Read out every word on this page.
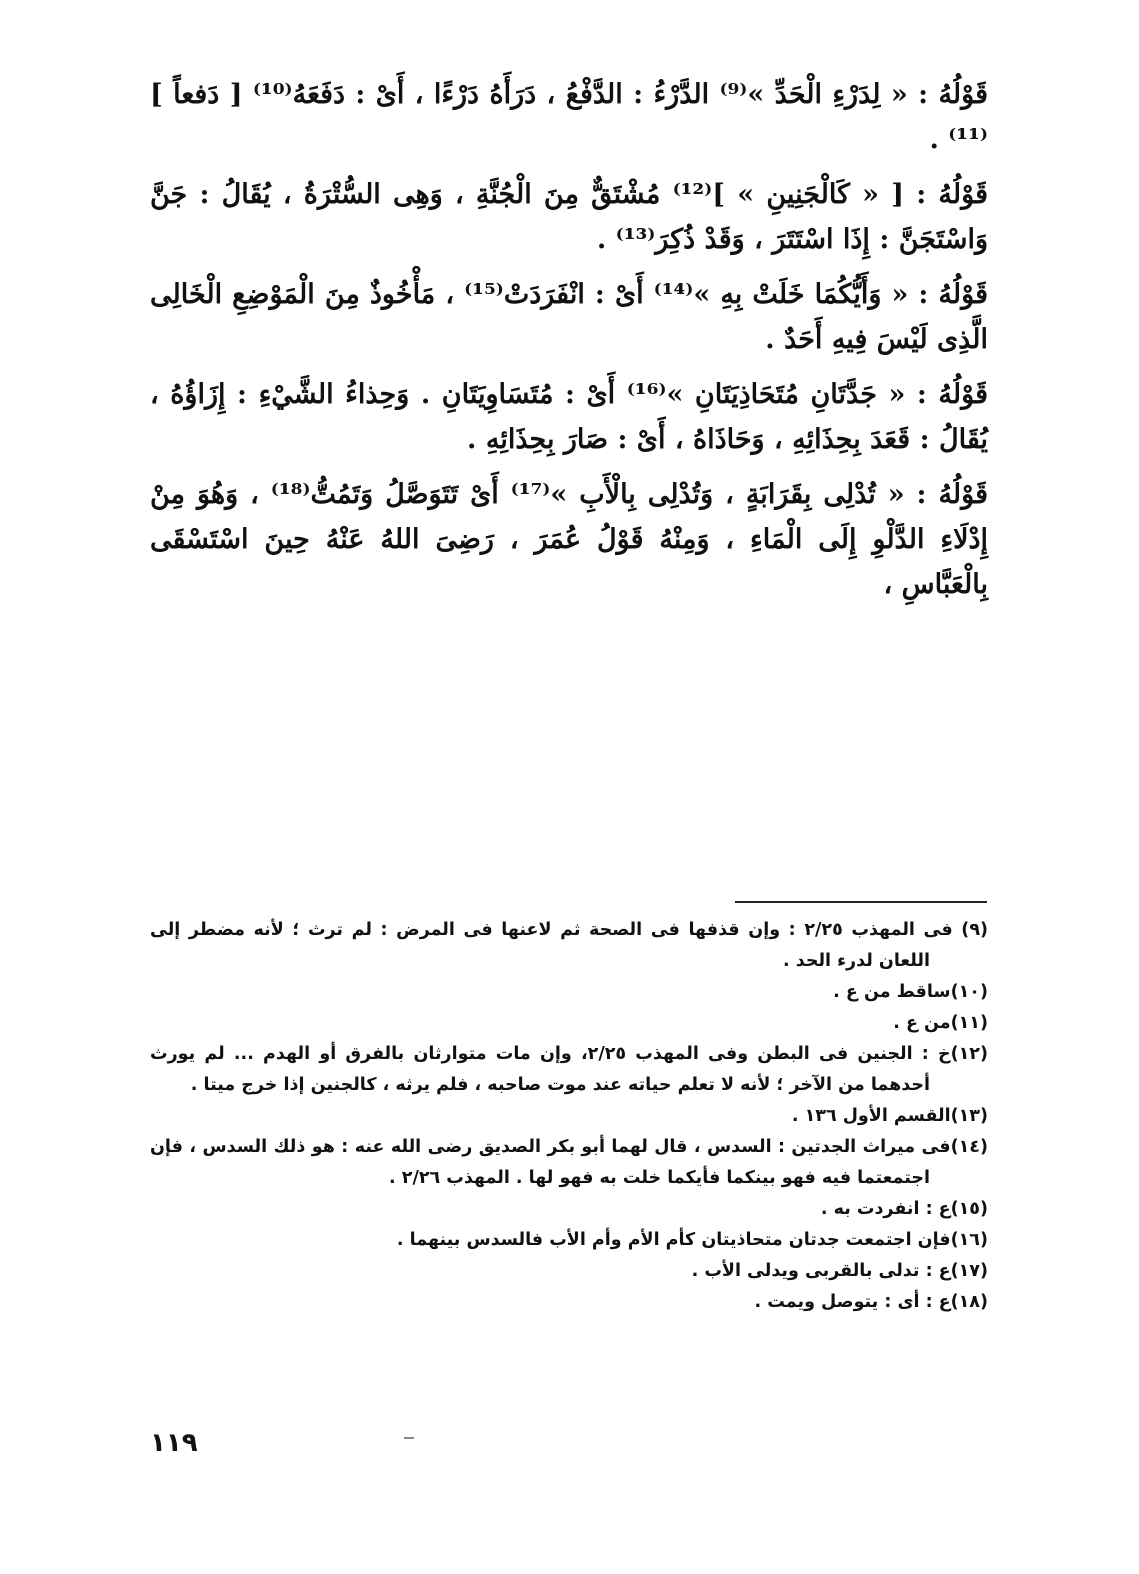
قَوْلُهُ : « لِدَرْءِ الْحَدِّ »⁽⁹⁾ الدَّرْءُ : الدَّفْعُ ، دَرَأَهُ دَرْءًا ، أَىْ : دَفَعَهُ⁽¹⁰⁾ [ دَفعاً ]⁽¹¹⁾ .

قَوْلُهُ : [ « كَالْجَنِينِ » ]⁽¹²⁾ مُشْتَقٌّ مِنَ الْجُنَّةِ ، وَهِى السُّتْرَةُ ، يُقَالُ : جَنَّ وَاسْتَجَنَّ : إِذَا اسْتَتَرَ ، وَقَدْ ذُكِرَ⁽¹³⁾ .

قَوْلُهُ : « وَأَيُّكُمَا خَلَتْ بِهِ »⁽¹⁴⁾ أَىْ : انْفَرَدَتْ⁽¹⁵⁾ ، مَأْخُوذٌ مِنَ الْمَوْضِعِ الْخَالِى الَّذِى لَيْسَ فِيهِ أَحَدٌ .

قَوْلُهُ : « جَدَّتَانِ مُتَحَاذِيَتَانِ »⁽¹⁶⁾ أَىْ : مُتَسَاوِيَتَانِ . وَحِذاءُ الشَّيْءِ : إِزَاؤُهُ ، يُقَالُ : قَعَدَ بِحِذَائِهِ ، وَحَاذَاهُ ، أَىْ : صَارَ بِحِذَائِهِ .

قَوْلُهُ : « تُدْلِى بِقَرَابَةٍ ، وَتُدْلِى بِالْأَبِ »⁽¹⁷⁾ أَىْ تَتَوَصَّلُ وَتَمُتُّ⁽¹⁸⁾ ، وَهُوَ مِنْ إِدْلَاءِ الدَّلْوِ إِلَى الْمَاءِ ، وَمِنْهُ قَوْلُ عُمَرَ ، رَضِىَ اللهُ عَنْهُ حِينَ اسْتَسْقَى بِالْعَبَّاسِ ،

(٩) فى المهذب ٢/٢٥ : وإن قذفها فى الصحة ثم لاعنها فى المرض : لم ترث ؛ لأنه مضطر إلى اللعان لدرء الحد .

(١٠)ساقط من ع .

(١١)من ع .

(١٢)خ : الجنين فى البطن وفى المهذب ٢/٢٥، وإن مات متوارثان بالفرق أو الهدم ... لم يورث أحدهما من الآخر ؛ لأنه لا تعلم حياته عند موت صاحبه ، فلم يرثه ، كالجنين إذا خرج ميتا .

(١٣)القسم الأول ١٣٦ .

(١٤)فى ميراث الجدتين : السدس ، قال لهما أبو بكر الصديق رضى الله عنه : هو ذلك السدس ، فإن اجتمعتما فيه فهو بينكما فأيكما خلت به فهو لها . المهذب ٢/٢٦ .

(١٥)ع : انفردت به .

(١٦)فإن اجتمعت جدتان متحاذيتان كأم الأم وأم الأب فالسدس بينهما .

(١٧)ع : تدلى بالقربى ويدلى الأب .

(١٨)ع : أى : يتوصل ويمت .

١١٩
